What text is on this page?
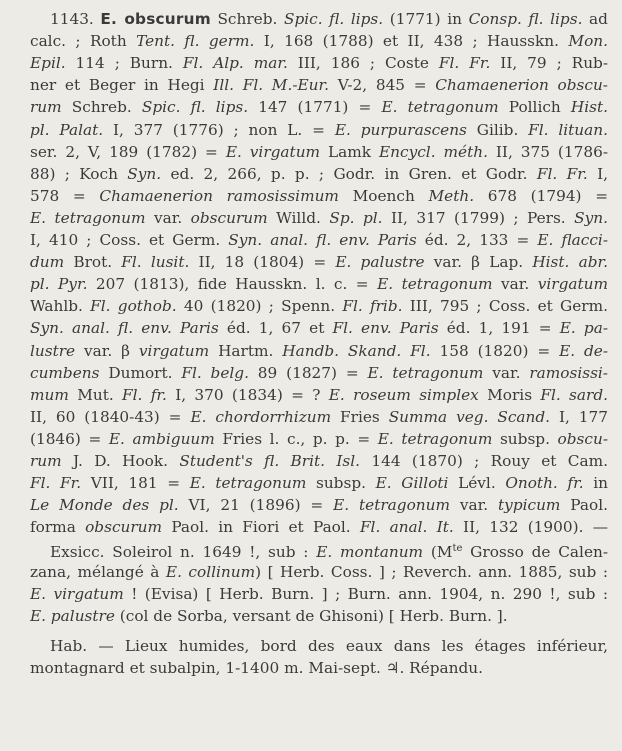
1143. E. obscurum Schreb. Spic. fl. lips. (1771) in Consp. fl. lips. ad
calc. ; Roth Tent. fl. germ. I, 168 (1788) et II, 438 ; Hausskn. Mon.
Epil. 114 ; Burn. Fl. Alp. mar. III, 186 ; Coste Fl. Fr. II, 79 ; Rub-
ner et Beger in Hegi Ill. Fl. M.-Eur. V-2, 845 = Chamaenerion obscu-
rum Schreb. Spic. fl. lips. 147 (1771) = E. tetragonum Pollich Hist.
pl. Palat. I, 377 (1776) ; non L. = E. purpurascens Gilib. Fl. lituan.
ser. 2, V, 189 (1782) = E. virgatum Lamk Encycl. méth. II, 375 (1786-
88) ; Koch Syn. ed. 2, 266, p. p. ; Godr. in Gren. et Godr. Fl. Fr. I,
578 = Chamaenerion ramosissimum Moench Meth. 678 (1794) =
E. tetragonum var. obscurum Willd. Sp. pl. II, 317 (1799) ; Pers. Syn.
I, 410 ; Coss. et Germ. Syn. anal. fl. env. Paris éd. 2, 133 = E. flacci-
dum Brot. Fl. lusit. II, 18 (1804) = E. palustre var. β Lap. Hist. abr.
pl. Pyr. 207 (1813), fide Hausskn. l. c. = E. tetragonum var. virgatum
Wahlb. Fl. gothob. 40 (1820) ; Spenn. Fl. frib. III, 795 ; Coss. et Germ.
Syn. anal. fl. env. Paris éd. 1, 67 et Fl. env. Paris éd. 1, 191 = E. pa-
lustre var. β virgatum Hartm. Handb. Skand. Fl. 158 (1820) = E. de-
cumbens Dumort. Fl. belg. 89 (1827) = E. tetragonum var. ramosissi-
mum Mut. Fl. fr. I, 370 (1834) = ? E. roseum simplex Moris Fl. sard.
II, 60 (1840-43) = E. chordorrhizum Fries Summa veg. Scand. I, 177
(1846) = E. ambiguum Fries l. c., p. p. = E. tetragonum subsp. obscu-
rum J. D. Hook. Student's fl. Brit. Isl. 144 (1870) ; Rouy et Cam.
Fl. Fr. VII, 181 = E. tetragonum subsp. E. Gilloti Lévl. Onoth. fr. in
Le Monde des pl. VI, 21 (1896) = E. tetragonum var. typicum Paol.
forma obscurum Paol. in Fiori et Paol. Fl. anal. It. II, 132 (1900). —
Exsicc. Soleirol n. 1649 !, sub : E. montanum ($M^{te}$ Grosso de Calen-
zana, mélangé à E. collinum) [ Herb. Coss. ] ; Reverch. ann. 1885, sub :
E. virgatum ! (Evisa) [ Herb. Burn. ] ; Burn. ann. 1904, n. 290 !, sub :
E. palustre (col de Sorba, versant de Ghisoni) [ Herb. Burn. ].
Hab. — Lieux humides, bord des eaux dans les étages inférieur,
montagnard et subalpin, 1-1400 m. Mai-sept. ♃. Répandu.
